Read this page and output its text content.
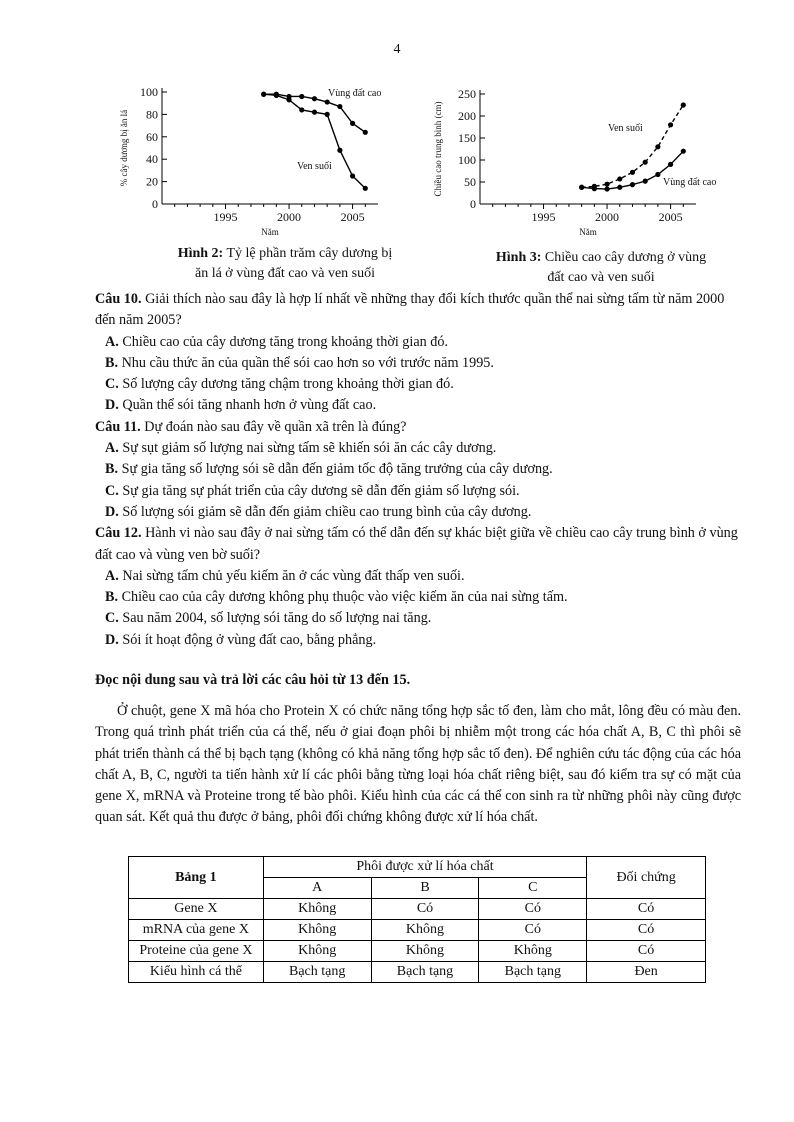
4
0
20
40
60
80
100
1995	2000	2005
Năm
% cây dương bị ăn lá
Vùng đất cao
Ven suối
0
50
100
150
200
250
1995	2000	2005
Năm
Chiều cao trung bình (cm)	Ven suối
Vùng đất cao
Hình 2: Tỷ lệ phần trăm cây dương bị
ăn lá ở vùng đất cao và ven suối
Hình 3: Chiều cao cây dương ở vùng
đất cao và ven suối

Câu 10. Giải thích nào sau đây là hợp lí nhất về những thay đổi kích thước quần thể nai sừng tấm từ năm 2000 đến năm 2005?

A. Chiều cao của cây dương tăng trong khoảng thời gian đó.

B. Nhu cầu thức ăn của quần thể sói cao hơn so với trước năm 1995.

C. Số lượng cây dương tăng chậm trong khoảng thời gian đó.

D. Quần thể sói tăng nhanh hơn ở vùng đất cao.

Câu 11. Dự đoán nào sau đây về quần xã trên là đúng?

A. Sự sụt giảm số lượng nai sừng tấm sẽ khiến sói ăn các cây dương.

B. Sự gia tăng số lượng sói sẽ dẫn đến giảm tốc độ tăng trưởng của cây dương.

C. Sự gia tăng sự phát triển của cây dương sẽ dẫn đến giảm số lượng sói.

D. Số lượng sói giảm sẽ dẫn đến giảm chiều cao trung bình của cây dương.

Câu 12. Hành vi nào sau đây ở nai sừng tấm có thể dẫn đến sự khác biệt giữa về chiều cao cây trung bình ở vùng đất cao và vùng ven bờ suối?

A. Nai sừng tấm chủ yếu kiếm ăn ở các vùng đất thấp ven suối.

B. Chiều cao của cây dương không phụ thuộc vào việc kiếm ăn của nai sừng tấm.

C. Sau năm 2004, số lượng sói tăng do số lượng nai tăng.

D. Sói ít hoạt động ở vùng đất cao, bằng phẳng.

Đọc nội dung sau và trả lời các câu hỏi từ 13 đến 15.
Ở chuột, gene X mã hóa cho Protein X có chức năng tổng hợp sắc tố đen, làm cho mắt, lông đều có màu đen. Trong quá trình phát triển của cá thể, nếu ở giai đoạn phôi bị nhiễm một trong các hóa chất A, B, C thì phôi sẽ phát triển thành cá thể bị bạch tạng (không có khả năng tổng hợp sắc tố đen). Để nghiên cứu tác động của các hóa chất A, B, C, người ta tiến hành xử lí các phôi bằng từng loại hóa chất riêng biệt, sau đó kiểm tra sự có mặt của gene X, mRNA và Proteine trong tế bào phôi. Kiểu hình của các cá thể con sinh ra từ những phôi này cũng được quan sát. Kết quả thu được ở bảng, phôi đối chứng không được xử lí hóa chất.
Bảng 1	Phôi được xử lí hóa chất			Đối chứng
	A	B	C	
Gene X	Không	Có	Có	Có
mRNA của gene X	Không	Không	Có	Có
Proteine của gene X	Không	Không	Không	Có
Kiểu hình cá thể	Bạch tạng	Bạch tạng	Bạch tạng	Đen
